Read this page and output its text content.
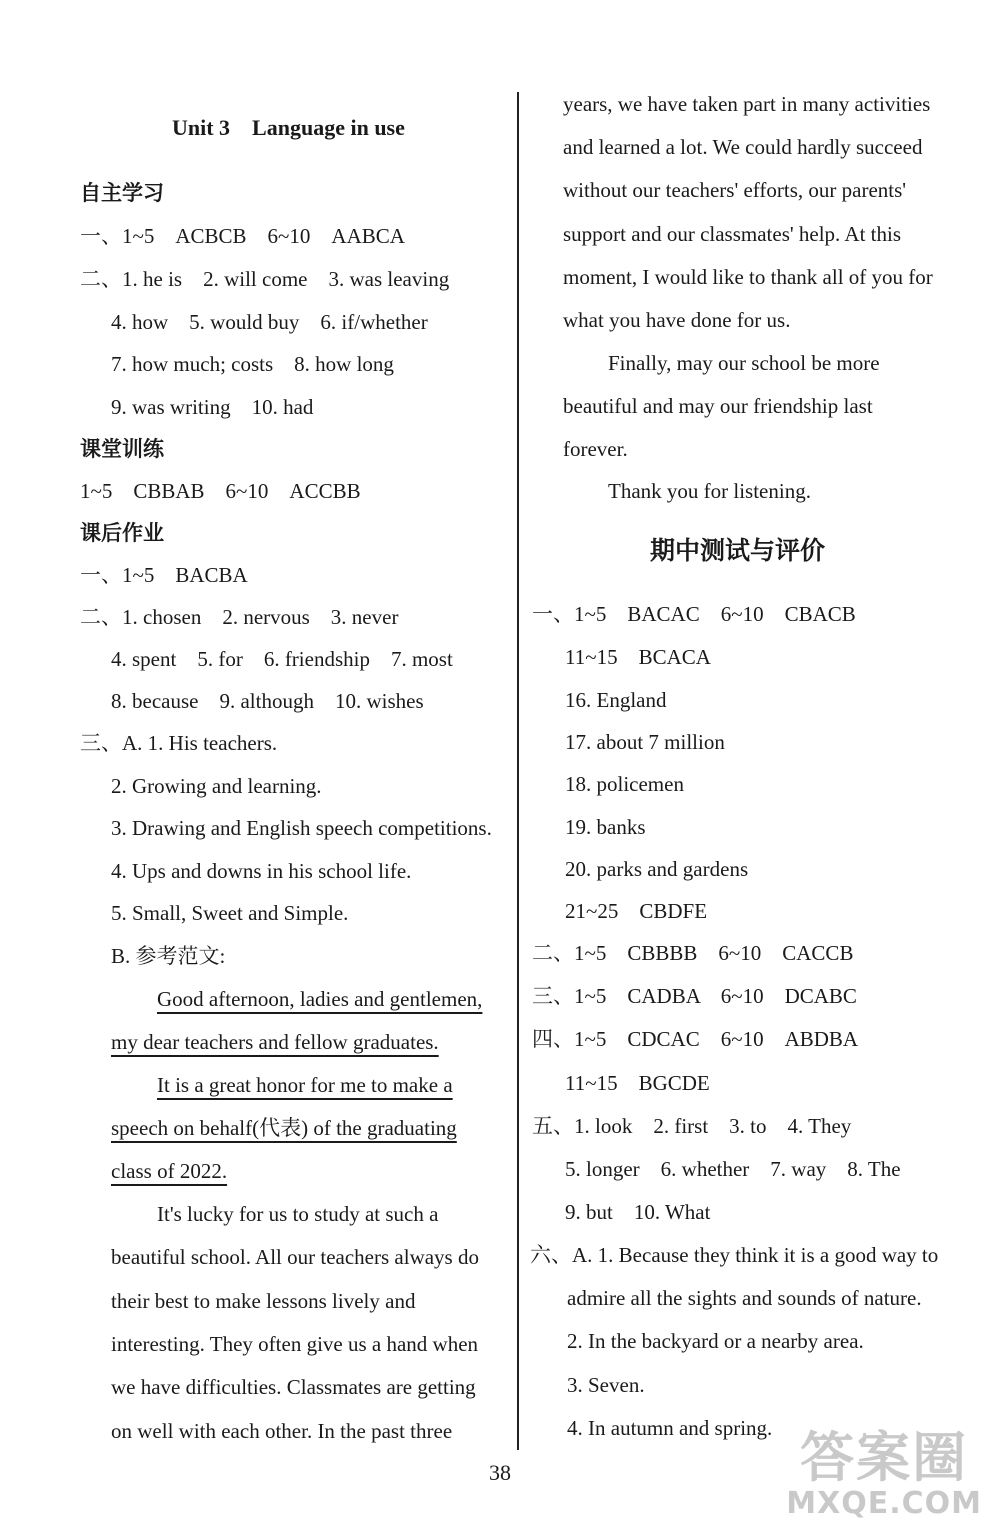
Unit 3　Language in use
自主学习
一、1~5　ACBCB　6~10　AABCA
二、1. he is　2. will come　3. was leaving
4. how　5. would buy　6. if/whether
7. how much; costs　8. how long
9. was writing　10. had
课堂训练
1~5　CBBAB　6~10　ACCBB
课后作业
一、1~5　BACBA
二、1. chosen　2. nervous　3. never
4. spent　5. for　6. friendship　7. most
8. because　9. although　10. wishes
三、A. 1. His teachers.
2. Growing and learning.
3. Drawing and English speech competitions.
4. Ups and downs in his school life.
5. Small, Sweet and Simple.
B. 参考范文:
Good afternoon, ladies and gentlemen,
my dear teachers and fellow graduates.
It is a great honor for me to make a
speech on behalf(代表) of the graduating
class of 2022.
It's lucky for us to study at such a
beautiful school. All our teachers always do
their best to make lessons lively and
interesting. They often give us a hand when
we have difficulties. Classmates are getting
on well with each other. In the past three
years, we have taken part in many activities
and learned a lot. We could hardly succeed
without our teachers' efforts, our parents'
support and our classmates' help. At this
moment, I would like to thank all of you for
what you have done for us.
Finally, may our school be more
beautiful and may our friendship last
forever.
Thank you for listening.
期中测试与评价
一、1~5　BACAC　6~10　CBACB
11~15　BCACA
16. England
17. about 7 million
18. policemen
19. banks
20. parks and gardens
21~25　CBDFE
二、1~5　CBBBB　6~10　CACCB
三、1~5　CADBA　6~10　DCABC
四、1~5　CDCAC　6~10　ABDBA
11~15　BGCDE
五、1. look　2. first　3. to　4. They
5. longer　6. whether　7. way　8. The
9. but　10. What
六、A. 1. Because they think it is a good way to
admire all the sights and sounds of nature.
2. In the backyard or a nearby area.
3. Seven.
4. In autumn and spring.
38	答案圈
MXQE.COM
